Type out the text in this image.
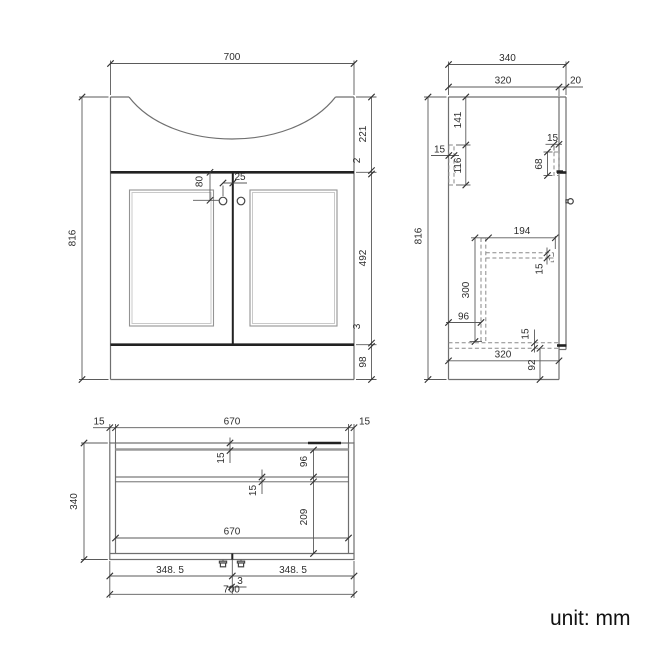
700
816
221
2
492
3
98
80	25
340
320	20
816
141
15
116
15
68
194
15
300
96
15
320
92
15	670	15
340
15	96
15
209
670
348. 5	348. 5
3
700
unit: mm
